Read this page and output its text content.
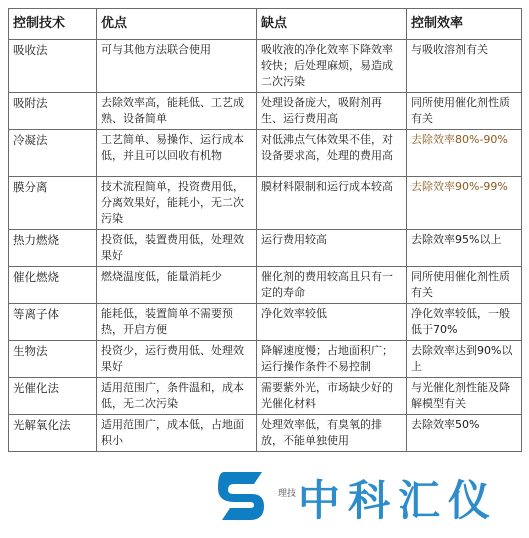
控制技术	优点	缺点	控制效率
吸收法	可与其他方法联合使用	吸收液的净化效率下降效率较快；后处理麻烦，易造成二次污染	与吸收溶剂有关
吸附法	去除效率高，能耗低、工艺成熟、设备简单	处理设备庞大，吸附剂再生、运行费用高	同所使用催化剂性质有关
冷凝法	工艺简单、易操作、运行成本低，并且可以回收有机物	对低沸点气体效果不佳，对设备要求高，处理的费用高	去除效率80%-90%
膜分离	技术流程简单，投资费用低，分离效果好，能耗小，无二次污染	膜材料限制和运行成本较高	去除效率90%-99%
热力燃烧	投资低，装置费用低，处理效果好	运行费用较高	去除效率95%以上
催化燃烧	燃烧温度低，能量消耗少	催化剂的费用较高且只有一定的寿命	同所使用催化剂性质有关
等离子体	能耗低，装置简单不需要预热，开启方便	净化效率较低	净化效率较低，一般低于70%
生物法	投资少，运行费用低、处理效果好	降解速度慢；占地面积广；运行操作条件不易控制	去除效率达到90%以上
光催化法	适用范围广，条件温和，成本低，无二次污染	需要紫外光，市场缺少好的光催化材料	与光催化剂性能及降解模型有关
光解氧化法	适用范围广，成本低，占地面积小	处理效率低，有臭氧的排放，不能单独使用	去除效率50%
理技 中科汇仪
